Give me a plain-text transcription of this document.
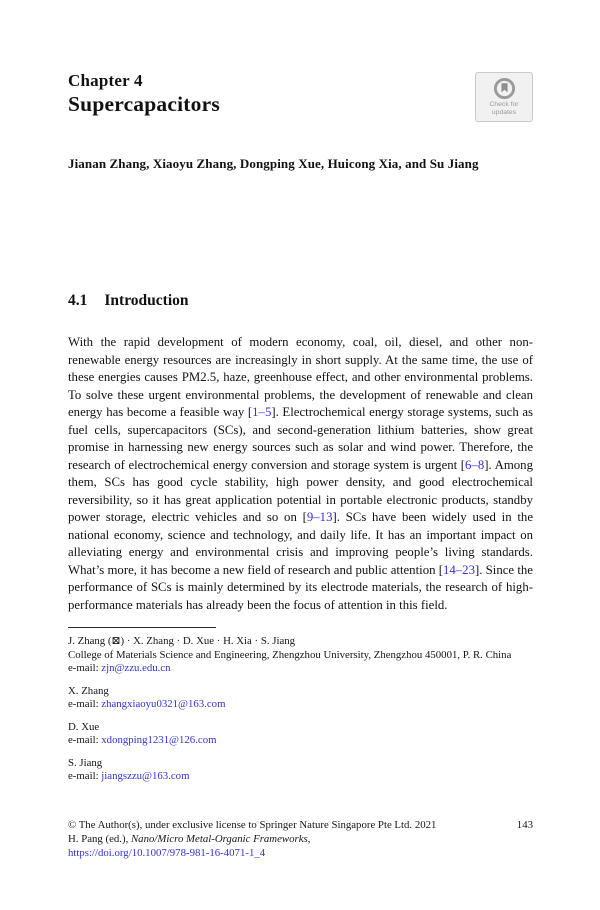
Chapter 4
Supercapacitors	Check for
updates
Jianan Zhang, Xiaoyu Zhang, Dongping Xue, Huicong Xia, and Su Jiang
4.1 Introduction

With the rapid development of modern economy, coal, oil, diesel, and other non-renewable energy resources are increasingly in short supply. At the same time, the use of these energies causes PM2.5, haze, greenhouse effect, and other environmental problems. To solve these urgent environmental problems, the development of renewable and clean energy has become a feasible way [1–5]. Electrochemical energy storage systems, such as fuel cells, supercapacitors (SCs), and second-generation lithium batteries, show great promise in harnessing new energy sources such as solar and wind power. Therefore, the research of electrochemical energy conversion and storage system is urgent [6–8]. Among them, SCs has good cycle stability, high power density, and good electrochemical reversibility, so it has great application potential in portable electronic products, standby power storage, electric vehicles and so on [9–13]. SCs have been widely used in the national economy, science and technology, and daily life. It has an important impact on alleviating energy and environmental crisis and improving people’s living standards. What’s more, it has become a new field of research and public attention [14–23]. Since the performance of SCs is mainly determined by its electrode materials, the research of high-performance materials has already been the focus of attention in this field.

J. Zhang (⊠) · X. Zhang · D. Xue · H. Xia · S. Jiang
College of Materials Science and Engineering, Zhengzhou University, Zhengzhou 450001, P. R. China
e-mail: zjn@zzu.edu.cn
X. Zhang
e-mail: zhangxiaoyu0321@163.com
D. Xue
e-mail: xdongping1231@126.com
S. Jiang
e-mail: jiangszzu@163.com
© The Author(s), under exclusive license to Springer Nature Singapore Pte Ltd. 2021	143
H. Pang (ed.), Nano/Micro Metal-Organic Frameworks,
https://doi.org/10.1007/978-981-16-4071-1_4
